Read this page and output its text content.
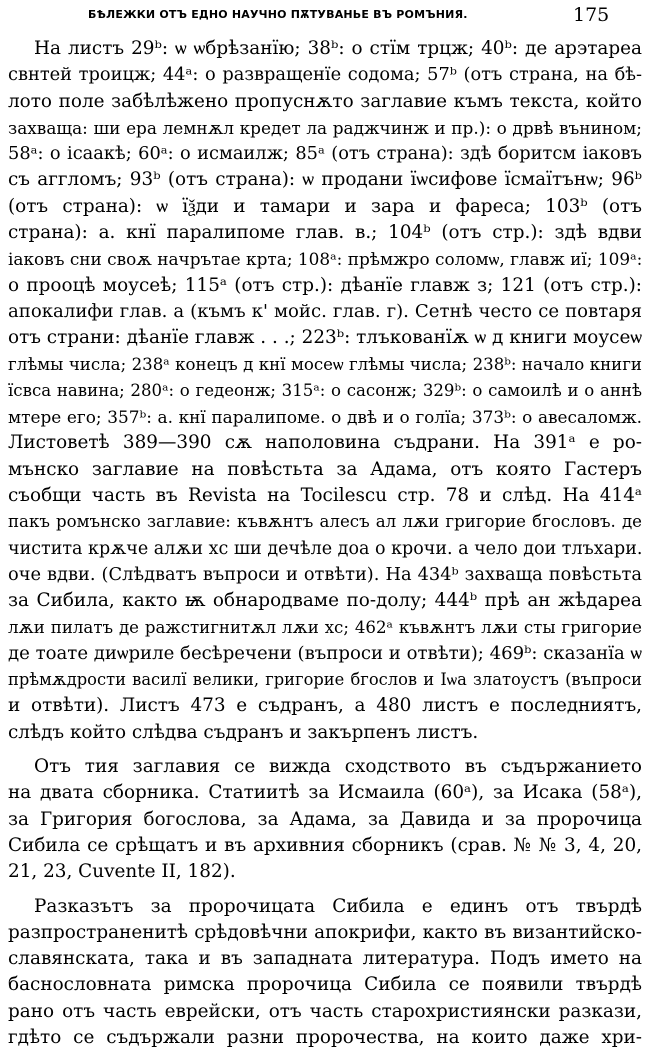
БѢЛЕЖКИ ОТЪ ЕДНО НАУЧНО ПѪТУВАНЬЕ ВЪ РОМЪНИЯ.	175

На листъ 29ᵇ: ѡ ѡбрѣзанїю; 38ᵇ: о стїм трцж; 40ᵇ: де арэтареа
свнтей троицж; 44ᵃ: о развращенїе содома; 57ᵇ (отъ страна, на бѣ-
лото поле забѣлѣжено пропуснѫто заглавие къмъ текста, който
захваща: ши ера лемнѫл кредет ла раджчинж и пр.): о дрвѣ вънином;
58ᵃ: о ісаакѣ; 60ᵃ: о исмаилж; 85ᵃ (отъ страна): здѣ боритсм іаковъ
съ аггломъ; 93ᵇ (отъ страна): ѡ продани їѡсифове їсмаїтънѡ; 96ᵇ
(отъ страна): ѡ їѯди и тамари и зара и фареса; 103ᵇ (отъ
страна): а. кнї паралипоме глав. в.; 104ᵇ (отъ стр.): здѣ вдви
іаковъ сни своѫ начрътае крта; 108ᵃ: прѣмжро соломѡ, главж иї; 109ᵃ:
о прооцѣ моусеѣ; 115ᵃ (отъ стр.): дѣанїе главж з; 121 (отъ стр.):
апокалифи глав. а (къмъ к' мойс. глав. г). Сетнѣ често се повтаря
отъ страни: дѣанїе главж . . .; 223ᵇ: тлъкованїѫ ѡ д книги моусеѡ
глѣмы числа; 238ᵃ конецъ д кнї мосеѡ глѣмы числа; 238ᵇ: начало книги
їсвса навина; 280ᵃ: о гедеонж; 315ᵃ: о сасонж; 329ᵇ: о самоилѣ и о аннѣ
мтере его; 357ᵇ: а. кнї паралипоме. о двѣ и о голїа; 373ᵇ: о авесаломж.
Листоветѣ 389—390 сѫ наполовина съдрани. На 391ᵃ е ро-
мънско заглавие на повѣстьта за Адама, отъ която Гастеръ
съобщи часть въ Revista на Tocilescu стр. 78 и слѣд. На 414ᵃ
пакъ ромънско заглавие: къвѫнтъ алесъ ал лѫи григорие бгословъ. де
чистита крѫче алѫи хс ши дечѣле доа о крочи. а чело дои тлъхари.
оче вдви. (Слѣдватъ въпроси и отвѣти). На 434ᵇ захваща повѣстьта
за Сибила, както ѭ обнародваме по-долу; 444ᵇ прѣ ан жѣдареа
лѫи пилатъ де ражстигнитѫл лѫи хс; 462ᵃ къвѫнтъ лѫи сты григорие
де тоате диѡриле бесѣречени (въпроси и отвѣти); 469ᵇ: сказанїа ѡ
прѣмѫдрости василї велики, григорие бгослов и Іѡа златоустъ (въпроси
и отвѣти). Листъ 473 е съдранъ, а 480 листъ е последниятъ,
слѣдъ който слѣдва съдранъ и закърпенъ листъ.

Отъ тия заглавия се вижда сходството въ съдържанието
на двата сборника. Статиитѣ за Исмаила (60ᵃ), за Исака (58ᵃ),
за Григория богослова, за Адама, за Давида и за пророчица
Сибила се срѣщатъ и въ архивния сборникъ (срав. № № 3, 4, 20,
21, 23, Cuvente II, 182).

Разказътъ за пророчицата Сибила е единъ отъ твърдѣ
разпространенитѣ срѣдовѣчни апокрифи, както въ византийско-
славянската, така и въ западната литература. Подъ името на
баснословната римска пророчица Сибила се появили твърдѣ
рано отъ часть еврейски, отъ часть старохристиянски разкази,
гдѣто се съдържали разни пророчества, на които даже хри-
